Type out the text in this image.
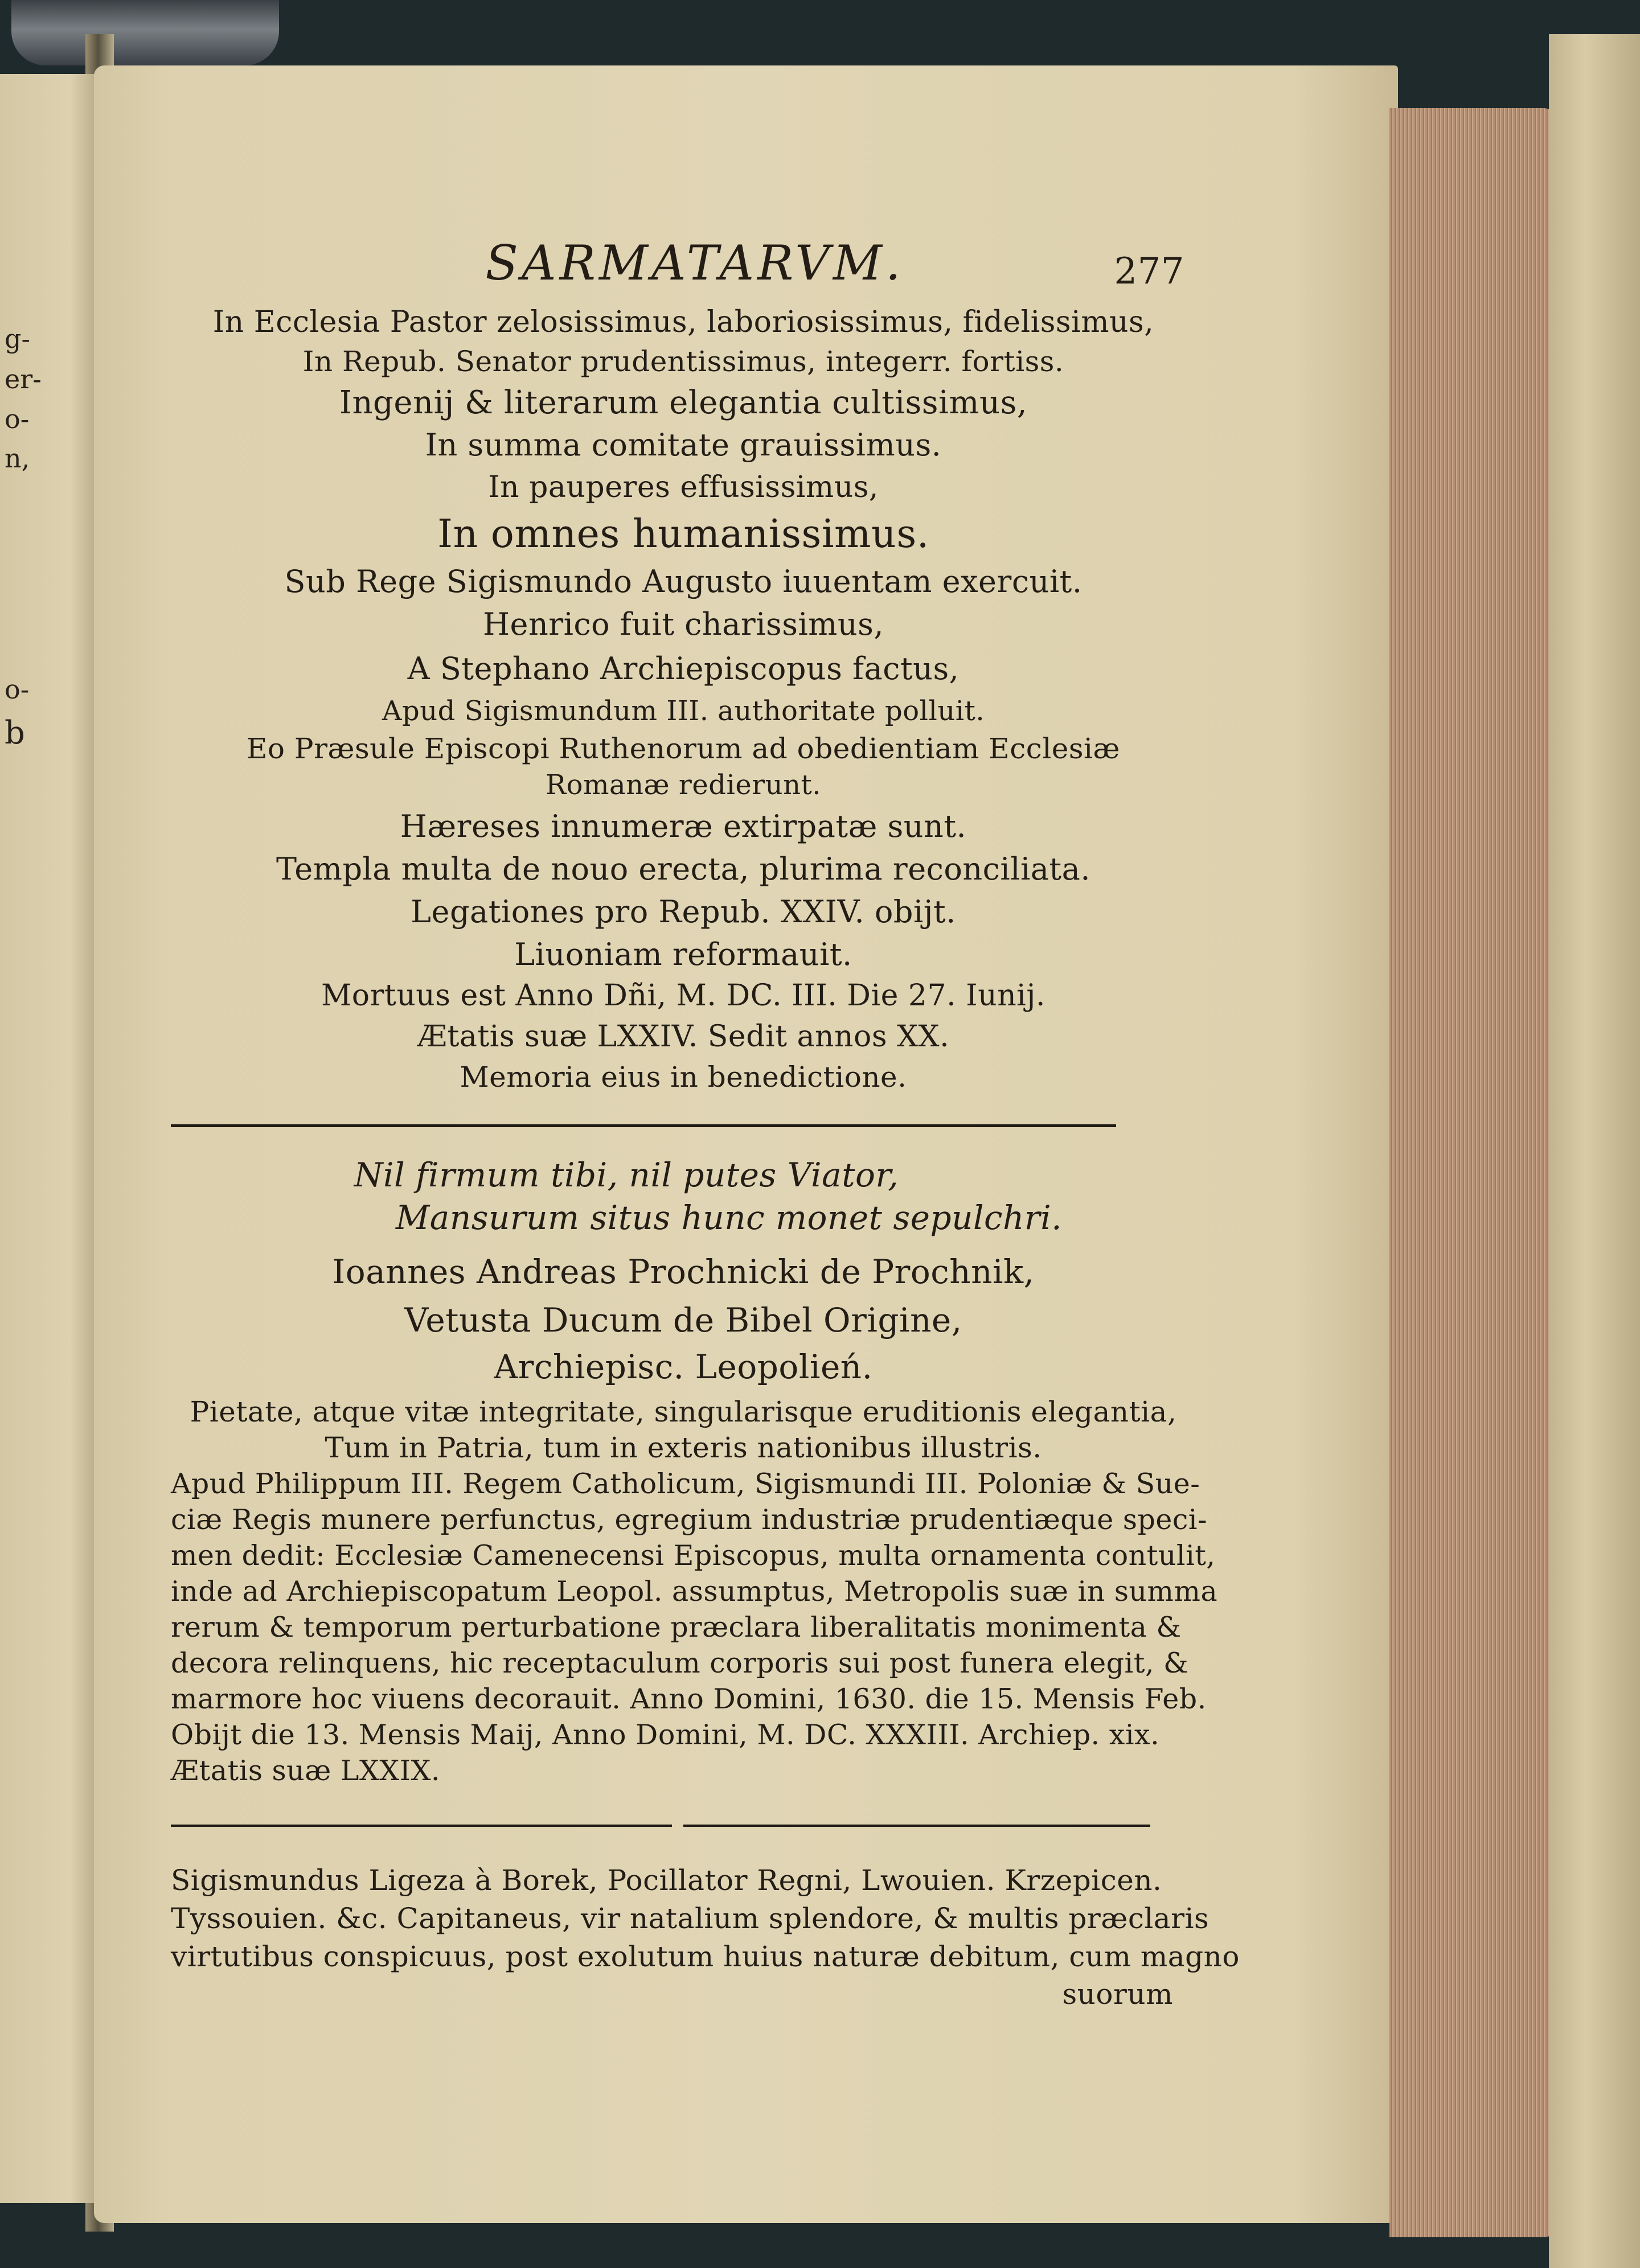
g-
er-
o-
n,
o-
b
SARMATARVM.	277
In Ecclesia Pastor zelosissimus, laboriosissimus, fidelissimus,
In Repub. Senator prudentissimus, integerr. fortiss.
Ingenij & literarum elegantia cultissimus,
In summa comitate grauissimus.
In pauperes effusissimus,
In omnes humanissimus.
Sub Rege Sigismundo Augusto iuuentam exercuit.
Henrico fuit charissimus,
A Stephano Archiepiscopus factus,
Apud Sigismundum III. authoritate polluit.
Eo Præsule Episcopi Ruthenorum ad obedientiam Ecclesiæ
Romanæ redierunt.
Hæreses innumeræ extirpatæ sunt.
Templa multa de nouo erecta, plurima reconciliata.
Legationes pro Repub. XXIV. obijt.
Liuoniam reformauit.
Mortuus est Anno Dñi, M. DC. III. Die 27. Iunij.
Ætatis suæ LXXIV. Sedit annos XX.
Memoria eius in benedictione.
Nil firmum tibi, nil putes Viator,
Mansurum situs hunc monet sepulchri.
Ioannes Andreas Prochnicki de Prochnik,
Vetusta Ducum de Bibel Origine,
Archiepisc. Leopolień.
Pietate, atque vitæ integritate, singularisque eruditionis elegantia,
Tum in Patria, tum in exteris nationibus illustris.
Apud Philippum III. Regem Catholicum, Sigismundi III. Poloniæ & Sue-
ciæ Regis munere perfunctus, egregium industriæ prudentiæque speci-
men dedit: Ecclesiæ Camenecensi Episcopus, multa ornamenta contulit,
inde ad Archiepiscopatum Leopol. assumptus, Metropolis suæ in summa
rerum & temporum perturbatione præclara liberalitatis monimenta &
decora relinquens, hic receptaculum corporis sui post funera elegit, &
marmore hoc viuens decorauit. Anno Domini, 1630. die 15. Mensis Feb.
Obijt die 13. Mensis Maij, Anno Domini, M. DC. XXXIII. Archiep. xix.
Ætatis suæ LXXIX.
Sigismundus Ligeza à Borek, Pocillator Regni, Lwouien. Krzepicen.
Tyssouien. &c. Capitaneus, vir natalium splendore, & multis præclaris
virtutibus conspicuus, post exolutum huius naturæ debitum, cum magno
suorum
